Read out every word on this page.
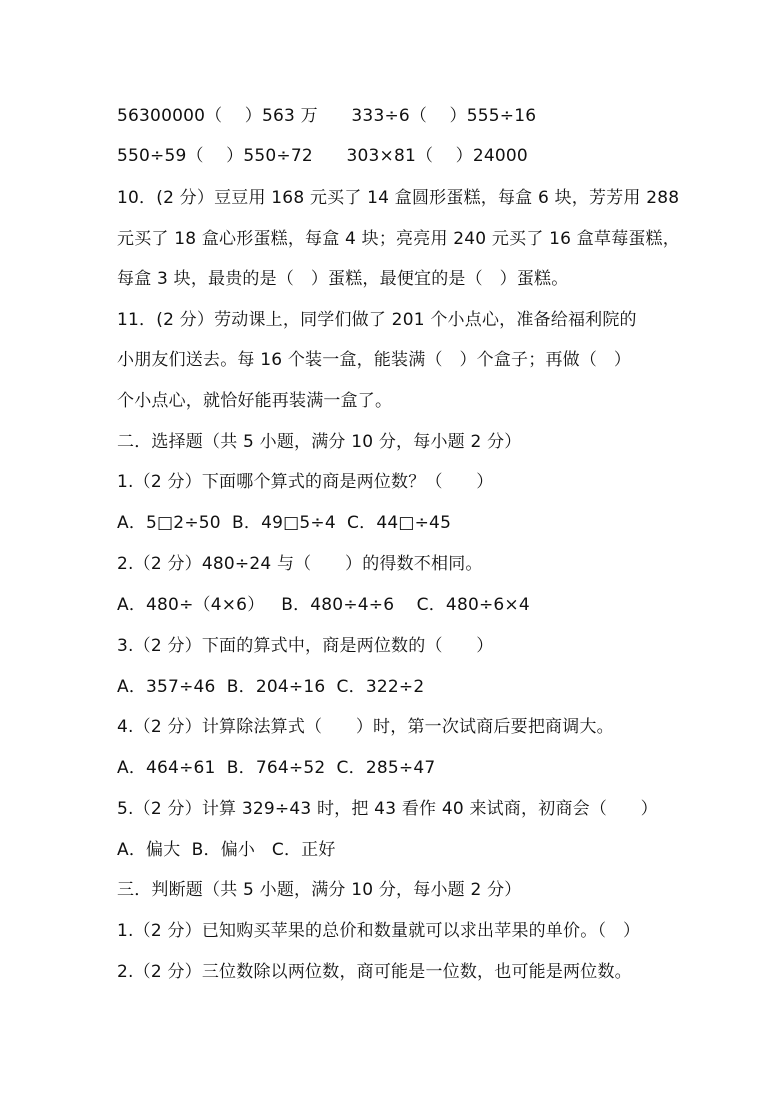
56300000（    ）563 万      333÷6（    ）555÷16
550÷59（    ）550÷72      303×81（    ）24000
10．(2 分）豆豆用 168 元买了 14 盒圆形蛋糕，每盒 6 块，芳芳用 288
元买了 18 盒心形蛋糕，每盒 4 块；亮亮用 240 元买了 16 盒草莓蛋糕，
每盒 3 块，最贵的是（   ）蛋糕，最便宜的是（   ）蛋糕。
11．(2 分）劳动课上，同学们做了 201 个小点心，准备给福利院的
小朋友们送去。每 16 个装一盒，能装满（   ）个盒子；再做（   ）
个小点心，就恰好能再装满一盒了。
二．选择题（共 5 小题，满分 10 分，每小题 2 分）
1.（2 分）下面哪个算式的商是两位数？（      ）
A．5□2÷50  B．49□5÷4  C．44□÷45
2.（2 分）480÷24 与（      ）的得数不相同。
A．480÷（4×6）   B．480÷4÷6    C．480÷6×4
3.（2 分）下面的算式中，商是两位数的（      ）
A．357÷46  B．204÷16  C．322÷2
4.（2 分）计算除法算式（      ）时，第一次试商后要把商调大。
A．464÷61  B．764÷52  C．285÷47
5.（2 分）计算 329÷43 时，把 43 看作 40 来试商，初商会（      ）
A．偏大  B．偏小   C．正好
三．判断题（共 5 小题，满分 10 分，每小题 2 分）
1.（2 分）已知购买苹果的总价和数量就可以求出苹果的单价。（   ）
2.（2 分）三位数除以两位数，商可能是一位数，也可能是两位数。
